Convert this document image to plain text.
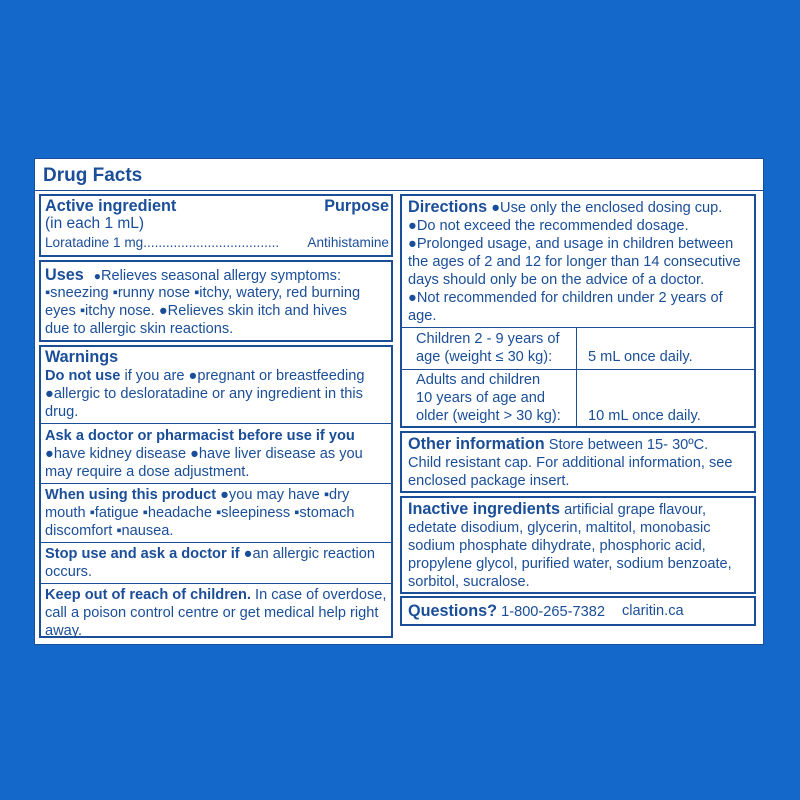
Drug Facts
Active ingredient	Purpose
(in each 1 mL)
Loratadine 1 mg.................................... Antihistamine
Uses ●Relieves seasonal allergy symptoms:
▪sneezing ▪runny nose ▪itchy, watery, red burning
eyes ▪itchy nose. ●Relieves skin itch and hives
due to allergic skin reactions.
Warnings
Do not use if you are ●pregnant or breastfeeding
●allergic to desloratadine or any ingredient in this
drug.
Ask a doctor or pharmacist before use if you
●have kidney disease ●have liver disease as you
may require a dose adjustment.
When using this product ●you may have ▪dry
mouth ▪fatigue ▪headache ▪sleepiness ▪stomach
discomfort ▪nausea.
Stop use and ask a doctor if ●an allergic reaction
occurs.
Keep out of reach of children. In case of overdose,
call a poison control centre or get medical help right
away.
Directions ●Use only the enclosed dosing cup.
●Do not exceed the recommended dosage.
●Prolonged usage, and usage in children between
the ages of 2 and 12 for longer than 14 consecutive
days should only be on the advice of a doctor.
●Not recommended for children under 2 years of
age.
Children 2 - 9 years of
age (weight ≤ 30 kg): 5 mL once daily.
Adults and children
10 years of age and
older (weight > 30 kg): 10 mL once daily.
Other information Store between 15- 30ºC.
Child resistant cap. For additional information, see
enclosed package insert.
Inactive ingredients artificial grape flavour,
edetate disodium, glycerin, maltitol, monobasic
sodium phosphate dihydrate, phosphoric acid,
propylene glycol, purified water, sodium benzoate,
sorbitol, sucralose.
Questions? 1-800-265-7382 claritin.ca
